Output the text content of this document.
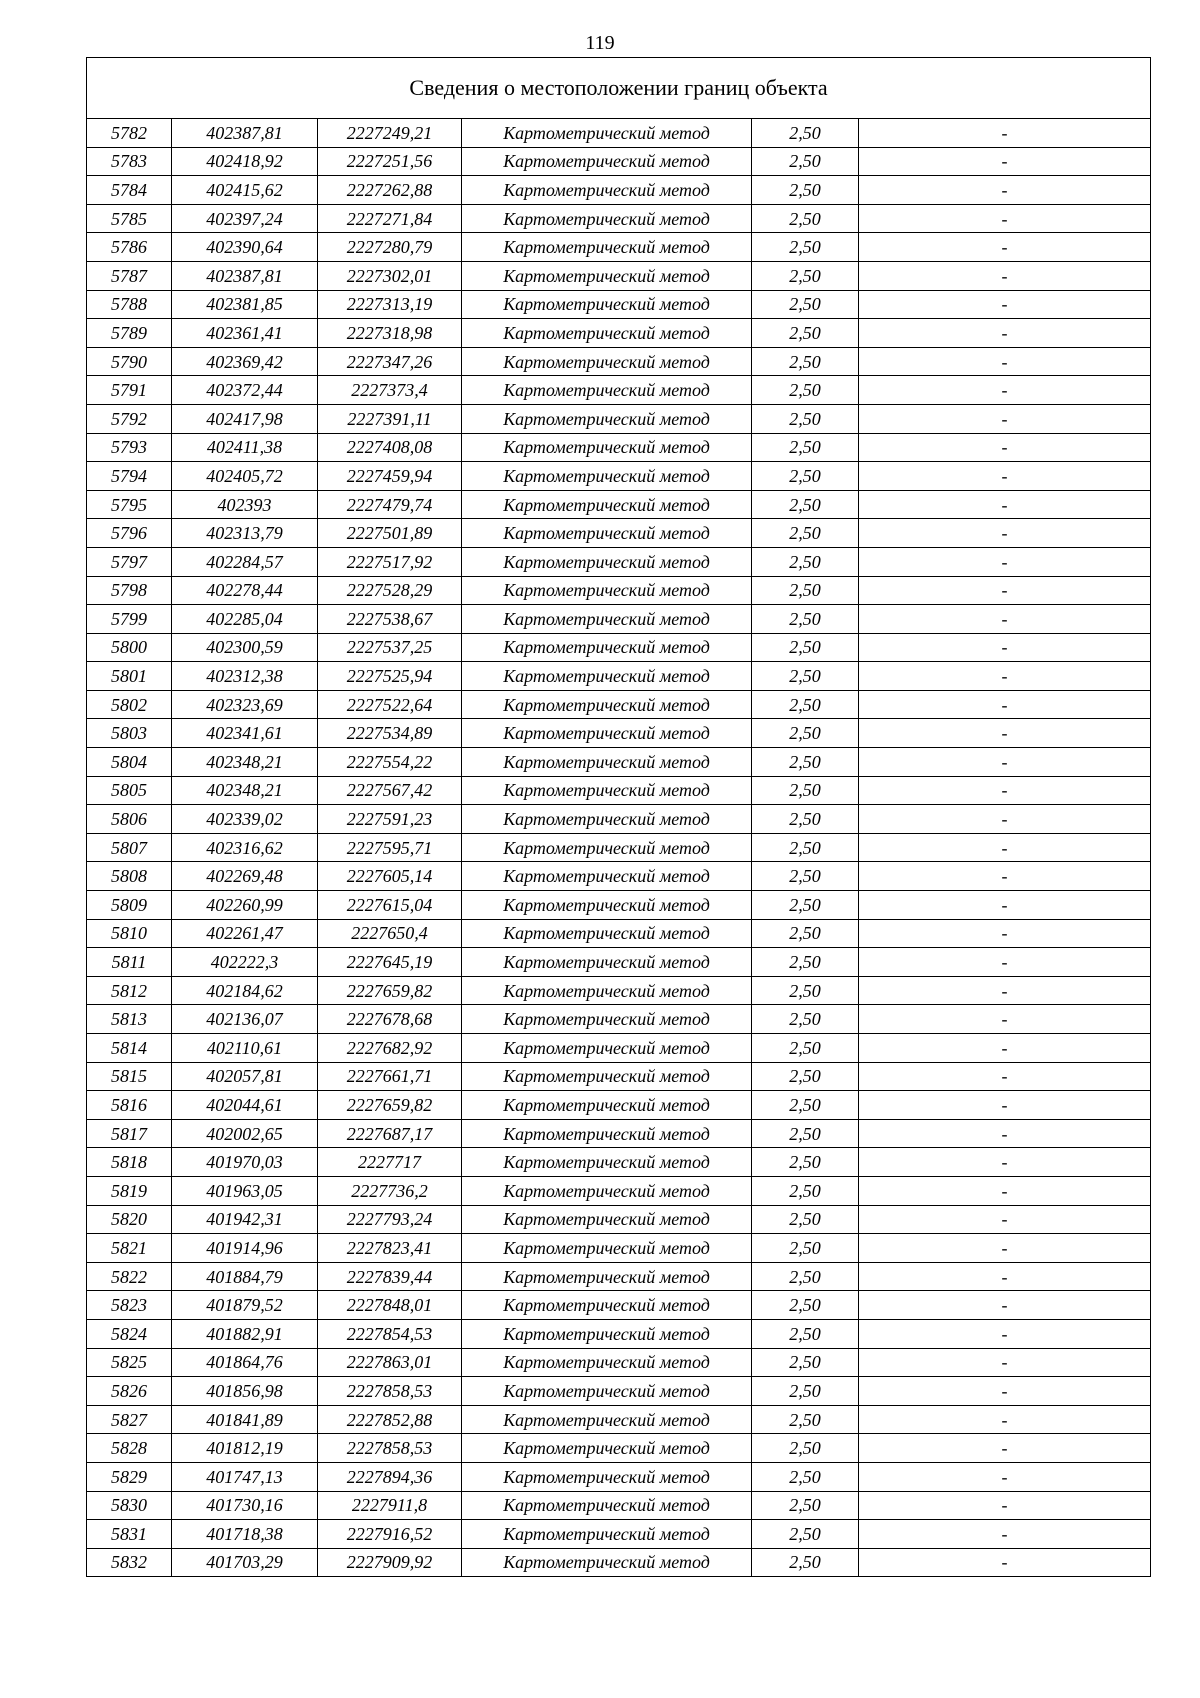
119
Сведения о местоположении границ объекта					
5782	402387,81	2227249,21	Картометрический метод	2,50	-
5783	402418,92	2227251,56	Картометрический метод	2,50	-
5784	402415,62	2227262,88	Картометрический метод	2,50	-
5785	402397,24	2227271,84	Картометрический метод	2,50	-
5786	402390,64	2227280,79	Картометрический метод	2,50	-
5787	402387,81	2227302,01	Картометрический метод	2,50	-
5788	402381,85	2227313,19	Картометрический метод	2,50	-
5789	402361,41	2227318,98	Картометрический метод	2,50	-
5790	402369,42	2227347,26	Картометрический метод	2,50	-
5791	402372,44	2227373,4	Картометрический метод	2,50	-
5792	402417,98	2227391,11	Картометрический метод	2,50	-
5793	402411,38	2227408,08	Картометрический метод	2,50	-
5794	402405,72	2227459,94	Картометрический метод	2,50	-
5795	402393	2227479,74	Картометрический метод	2,50	-
5796	402313,79	2227501,89	Картометрический метод	2,50	-
5797	402284,57	2227517,92	Картометрический метод	2,50	-
5798	402278,44	2227528,29	Картометрический метод	2,50	-
5799	402285,04	2227538,67	Картометрический метод	2,50	-
5800	402300,59	2227537,25	Картометрический метод	2,50	-
5801	402312,38	2227525,94	Картометрический метод	2,50	-
5802	402323,69	2227522,64	Картометрический метод	2,50	-
5803	402341,61	2227534,89	Картометрический метод	2,50	-
5804	402348,21	2227554,22	Картометрический метод	2,50	-
5805	402348,21	2227567,42	Картометрический метод	2,50	-
5806	402339,02	2227591,23	Картометрический метод	2,50	-
5807	402316,62	2227595,71	Картометрический метод	2,50	-
5808	402269,48	2227605,14	Картометрический метод	2,50	-
5809	402260,99	2227615,04	Картометрический метод	2,50	-
5810	402261,47	2227650,4	Картометрический метод	2,50	-
5811	402222,3	2227645,19	Картометрический метод	2,50	-
5812	402184,62	2227659,82	Картометрический метод	2,50	-
5813	402136,07	2227678,68	Картометрический метод	2,50	-
5814	402110,61	2227682,92	Картометрический метод	2,50	-
5815	402057,81	2227661,71	Картометрический метод	2,50	-
5816	402044,61	2227659,82	Картометрический метод	2,50	-
5817	402002,65	2227687,17	Картометрический метод	2,50	-
5818	401970,03	2227717	Картометрический метод	2,50	-
5819	401963,05	2227736,2	Картометрический метод	2,50	-
5820	401942,31	2227793,24	Картометрический метод	2,50	-
5821	401914,96	2227823,41	Картометрический метод	2,50	-
5822	401884,79	2227839,44	Картометрический метод	2,50	-
5823	401879,52	2227848,01	Картометрический метод	2,50	-
5824	401882,91	2227854,53	Картометрический метод	2,50	-
5825	401864,76	2227863,01	Картометрический метод	2,50	-
5826	401856,98	2227858,53	Картометрический метод	2,50	-
5827	401841,89	2227852,88	Картометрический метод	2,50	-
5828	401812,19	2227858,53	Картометрический метод	2,50	-
5829	401747,13	2227894,36	Картометрический метод	2,50	-
5830	401730,16	2227911,8	Картометрический метод	2,50	-
5831	401718,38	2227916,52	Картометрический метод	2,50	-
5832	401703,29	2227909,92	Картометрический метод	2,50	-
